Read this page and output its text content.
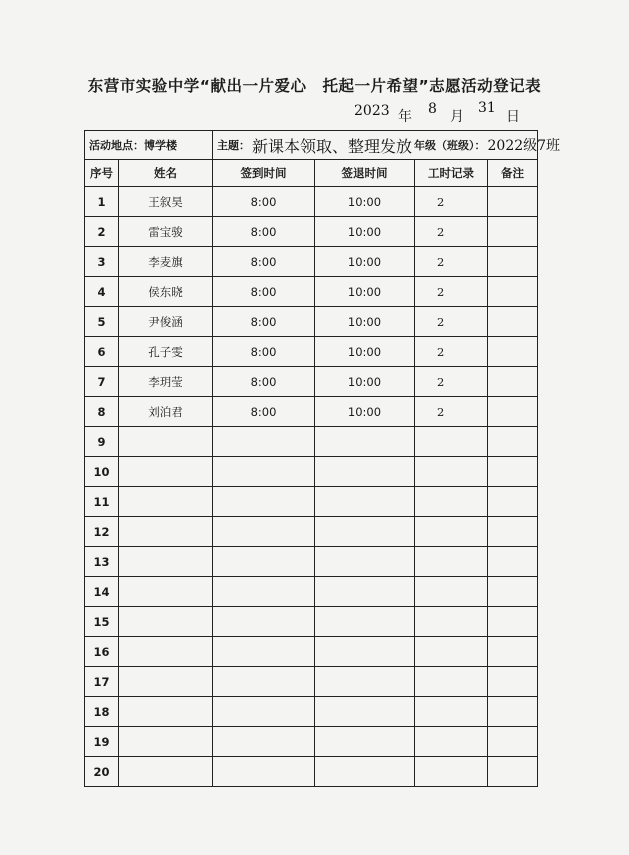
东营市实验中学“献出一片爱心　托起一片希望”志愿活动登记表
2023 年 8 月
31
日
活动地点：博学楼		主题： 新课本领取、整理发放 年级（班级）： 2022级7班			

序号	姓名	签到时间	签退时间	工时记录	备注
1	王叙昊	8:00	10:00	2	
2	雷宝骏	8:00	10:00	2	
3	李麦旗	8:00	10:00	2	
4	侯东晓	8:00	10:00	2	
5	尹俊涵	8:00	10:00	2	
6	孔子雯	8:00	10:00	2	
7	李玥莹	8:00	10:00	2	
8	刘泊君	8:00	10:00	2	
9					
10					
11					
12					
13					
14					
15					
16					
17					
18					
19					
20					
